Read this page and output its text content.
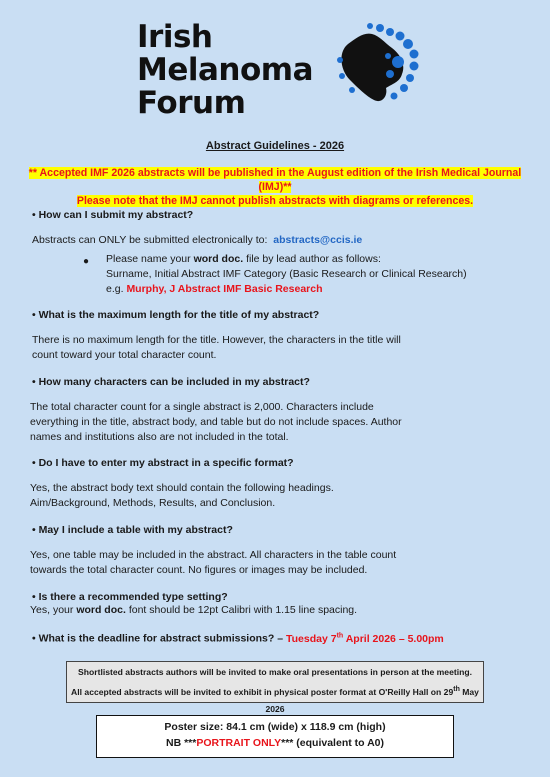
Irish
Melanoma
Forum
Abstract Guidelines - 2026
** Accepted IMF 2026 abstracts will be published in the August edition of the Irish Medical Journal (IMJ)**
Please note that the IMJ cannot publish abstracts with diagrams or references.
• How can I submit my abstract?
Abstracts can ONLY be submitted electronically to: abstracts@ccis.ie
● Please name your word doc. file by lead author as follows:
Surname, Initial Abstract IMF Category (Basic Research or Clinical Research)
e.g. Murphy, J Abstract IMF Basic Research
• What is the maximum length for the title of my abstract?
There is no maximum length for the title. However, the characters in the title will
count toward your total character count.
• How many characters can be included in my abstract?
The total character count for a single abstract is 2,000. Characters include
everything in the title, abstract body, and table but do not include spaces. Author
names and institutions also are not included in the total.
• Do I have to enter my abstract in a specific format?
Yes, the abstract body text should contain the following headings.
Aim/Background, Methods, Results, and Conclusion.
• May I include a table with my abstract?
Yes, one table may be included in the abstract. All characters in the table count
towards the total character count. No figures or images may be included.
• Is there a recommended type setting?
Yes, your word doc. font should be 12pt Calibri with 1.15 line spacing.
• What is the deadline for abstract submissions? – Tuesday 7th April 2026 – 5.00pm
Shortlisted abstracts authors will be invited to make oral presentations in person at the meeting.
All accepted abstracts will be invited to exhibit in physical poster format at O'Reilly Hall on 29th May 2026
Poster size: 84.1 cm (wide) x 118.9 cm (high)
NB ***PORTRAIT ONLY*** (equivalent to A0)
